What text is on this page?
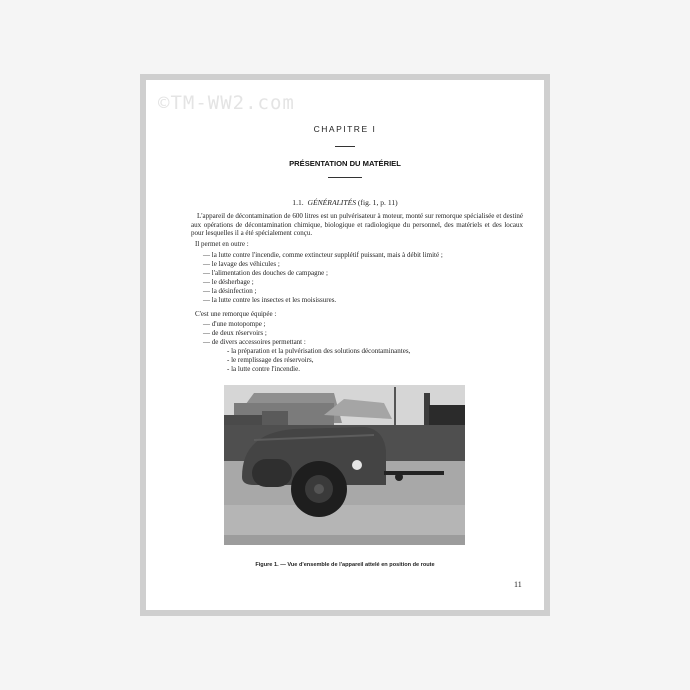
©TM-WW2.com
CHAPITRE I
PRÉSENTATION DU MATÉRIEL
1.1. GÉNÉRALITÉS (fig. 1, p. 11)
L'appareil de décontamination de 600 litres est un pulvérisateur à moteur, monté sur remorque spécialisée et destiné aux opérations de décontamination chimique, biologique et radiologique du personnel, des matériels et des locaux pour lesquelles il a été spécialement conçu.
Il permet en outre :
— la lutte contre l'incendie, comme extincteur supplétif puissant, mais à débit limité ;
— le lavage des véhicules ;
— l'alimentation des douches de campagne ;
— le désherbage ;
— la désinfection ;
— la lutte contre les insectes et les moisissures.
C'est une remorque équipée :
— d'une motopompe ;
— de deux réservoirs ;
— de divers accessoires permettant :
- la préparation et la pulvérisation des solutions décontaminantes,
- le remplissage des réservoirs,
- la lutte contre l'incendie.
Figure 1. — Vue d'ensemble de l'appareil attelé en position de route
11
